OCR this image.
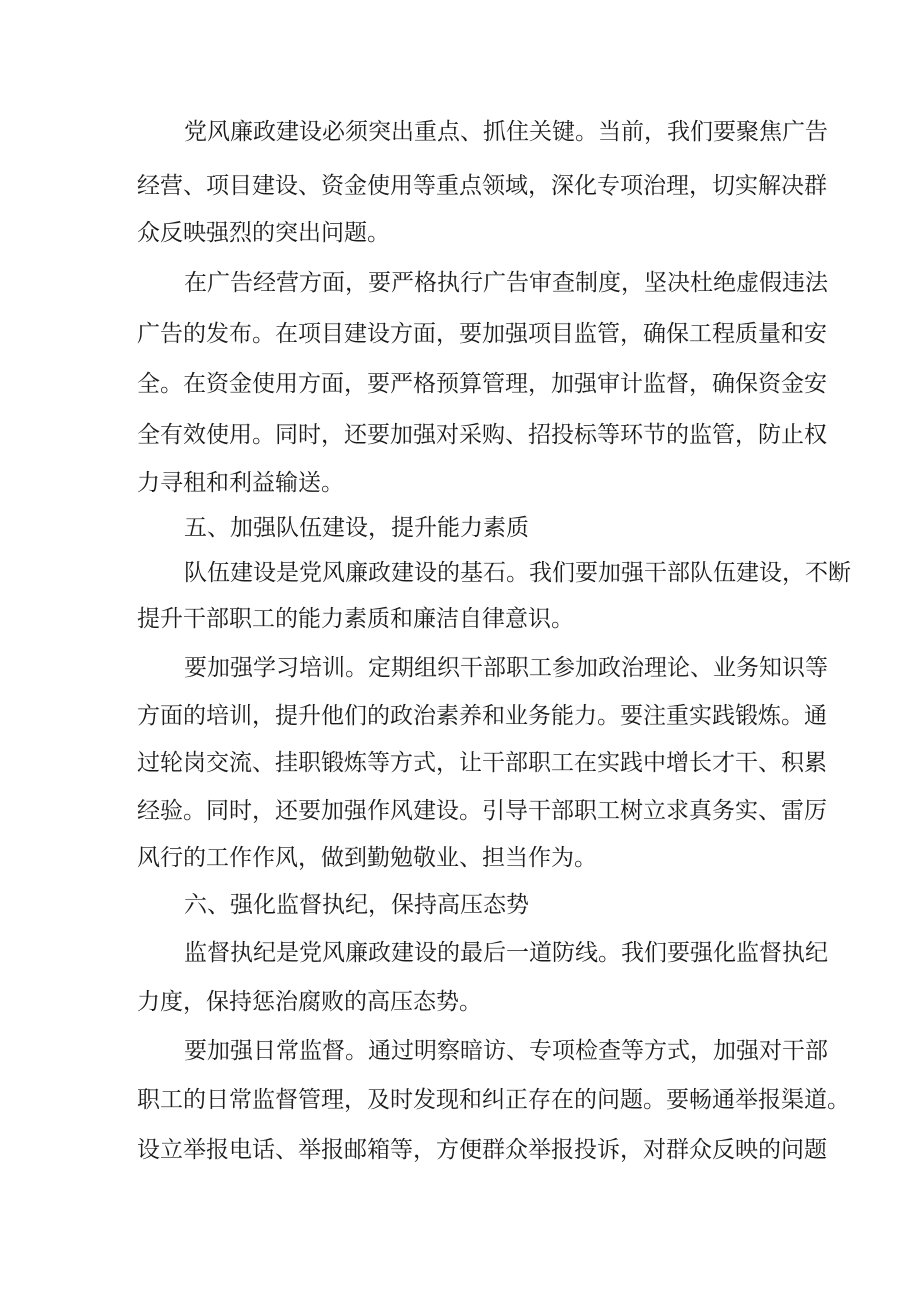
党风廉政建设必须突出重点、抓住关键。当前，我们要聚焦广告
经营、项目建设、资金使用等重点领域，深化专项治理，切实解决群
众反映强烈的突出问题。
在广告经营方面，要严格执行广告审查制度，坚决杜绝虚假违法
广告的发布。在项目建设方面，要加强项目监管，确保工程质量和安
全。在资金使用方面，要严格预算管理，加强审计监督，确保资金安
全有效使用。同时，还要加强对采购、招投标等环节的监管，防止权
力寻租和利益输送。
五、加强队伍建设，提升能力素质
队伍建设是党风廉政建设的基石。我们要加强干部队伍建设，不断
提升干部职工的能力素质和廉洁自律意识。
要加强学习培训。定期组织干部职工参加政治理论、业务知识等
方面的培训，提升他们的政治素养和业务能力。要注重实践锻炼。通
过轮岗交流、挂职锻炼等方式，让干部职工在实践中增长才干、积累
经验。同时，还要加强作风建设。引导干部职工树立求真务实、雷厉
风行的工作作风，做到勤勉敬业、担当作为。
六、强化监督执纪，保持高压态势
监督执纪是党风廉政建设的最后一道防线。我们要强化监督执纪
力度，保持惩治腐败的高压态势。
要加强日常监督。通过明察暗访、专项检查等方式，加强对干部
职工的日常监督管理，及时发现和纠正存在的问题。要畅通举报渠道。
设立举报电话、举报邮箱等，方便群众举报投诉，对群众反映的问题
